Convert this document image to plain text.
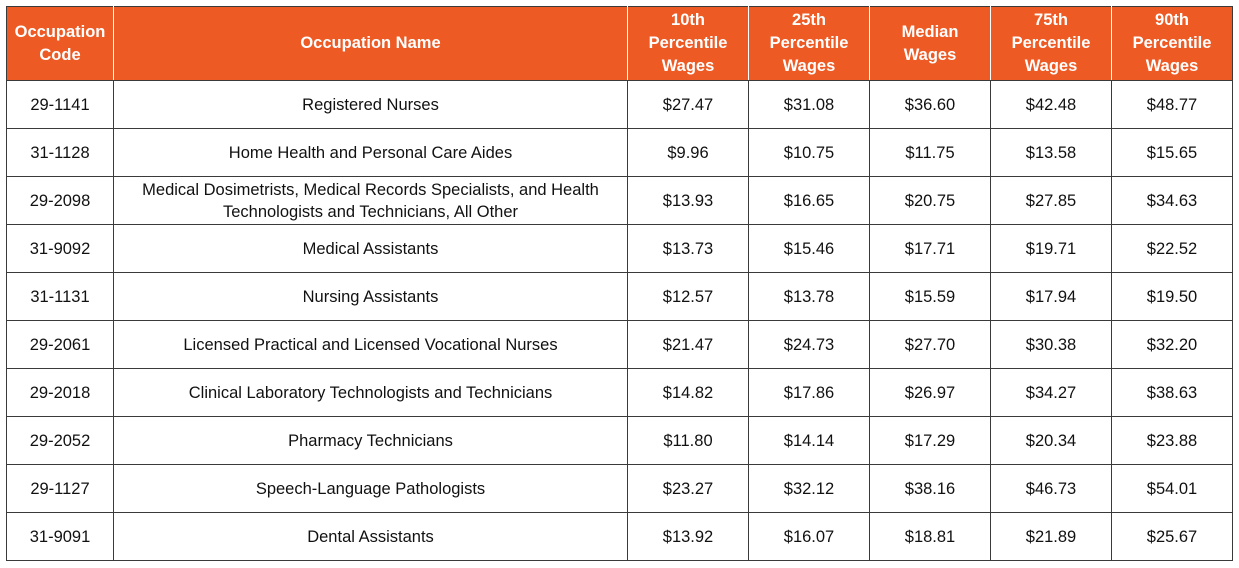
Occupation Code	Occupation Name	10th Percentile Wages	25th Percentile Wages	Median Wages	75th Percentile Wages	90th Percentile Wages
29-1141	Registered Nurses	$27.47	$31.08	$36.60	$42.48	$48.77
31-1128	Home Health and Personal Care Aides	$9.96	$10.75	$11.75	$13.58	$15.65
29-2098	Medical Dosimetrists, Medical Records Specialists, and Health Technologists and Technicians, All Other	$13.93	$16.65	$20.75	$27.85	$34.63
31-9092	Medical Assistants	$13.73	$15.46	$17.71	$19.71	$22.52
31-1131	Nursing Assistants	$12.57	$13.78	$15.59	$17.94	$19.50
29-2061	Licensed Practical and Licensed Vocational Nurses	$21.47	$24.73	$27.70	$30.38	$32.20
29-2018	Clinical Laboratory Technologists and Technicians	$14.82	$17.86	$26.97	$34.27	$38.63
29-2052	Pharmacy Technicians	$11.80	$14.14	$17.29	$20.34	$23.88
29-1127	Speech-Language Pathologists	$23.27	$32.12	$38.16	$46.73	$54.01
31-9091	Dental Assistants	$13.92	$16.07	$18.81	$21.89	$25.67
